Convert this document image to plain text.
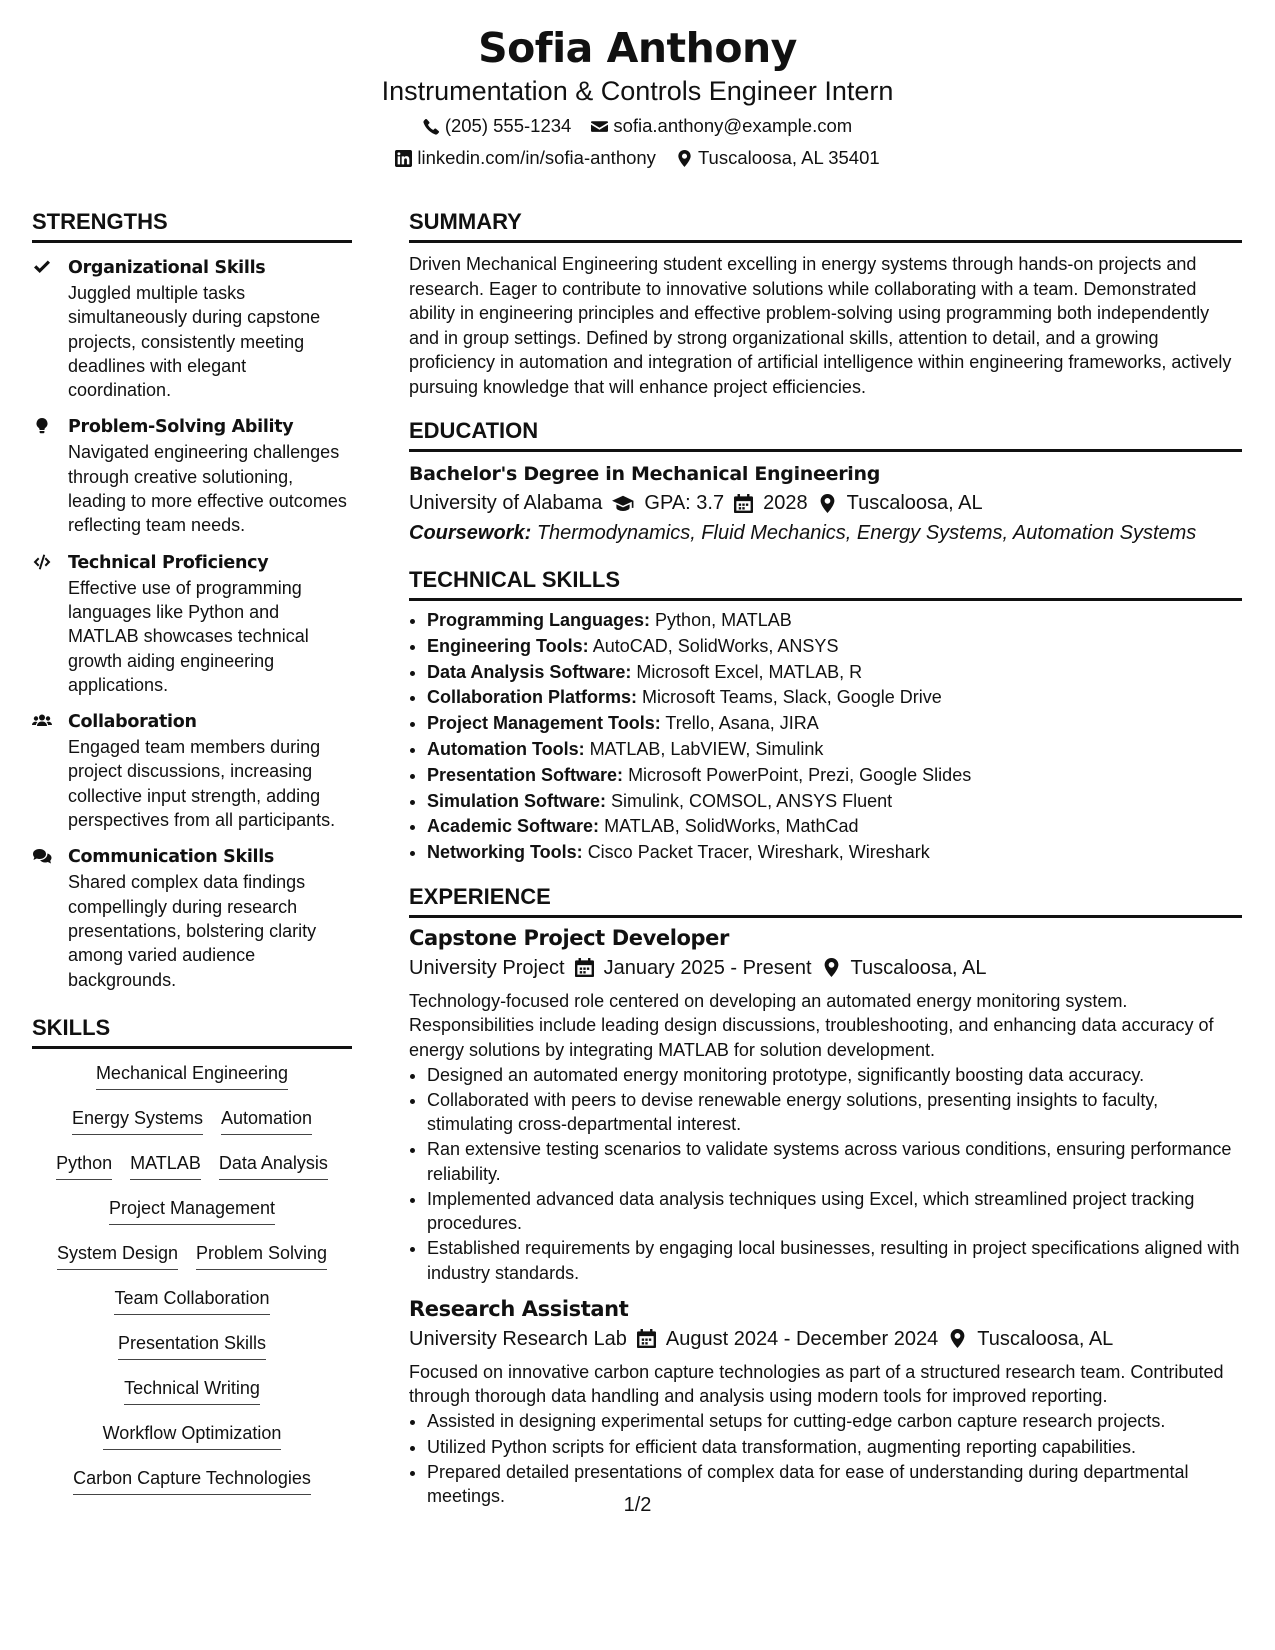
Sofia Anthony
Instrumentation & Controls Engineer Intern
(205) 555-1234 sofia.anthony@example.com
linkedin.com/in/sofia-anthony Tuscaloosa, AL 35401
STRENGTHS
Organizational Skills
Juggled multiple tasks simultaneously during capstone projects, consistently meeting deadlines with elegant coordination.
Problem-Solving Ability
Navigated engineering challenges through creative solutioning, leading to more effective outcomes reflecting team needs.
Technical Proficiency
Effective use of programming languages like Python and MATLAB showcases technical growth aiding engineering applications.
Collaboration
Engaged team members during project discussions, increasing collective input strength, adding perspectives from all participants.
Communication Skills
Shared complex data findings compellingly during research presentations, bolstering clarity among varied audience backgrounds.
SKILLS
Mechanical Engineering
Energy Systems Automation
Python MATLAB Data Analysis
Project Management
System Design Problem Solving
Team Collaboration
Presentation Skills
Technical Writing
Workflow Optimization
Carbon Capture Technologies
SUMMARY
Driven Mechanical Engineering student excelling in energy systems through hands-on projects and research. Eager to contribute to innovative solutions while collaborating with a team. Demonstrated ability in engineering principles and effective problem-solving using programming both independently and in group settings. Defined by strong organizational skills, attention to detail, and a growing proficiency in automation and integration of artificial intelligence within engineering frameworks, actively pursuing knowledge that will enhance project efficiencies.
EDUCATION
Bachelor's Degree in Mechanical Engineering
University of Alabama GPA: 3.7 2028 Tuscaloosa, AL
Coursework: Thermodynamics, Fluid Mechanics, Energy Systems, Automation Systems
TECHNICAL SKILLS
• Programming Languages: Python, MATLAB
• Engineering Tools: AutoCAD, SolidWorks, ANSYS
• Data Analysis Software: Microsoft Excel, MATLAB, R
• Collaboration Platforms: Microsoft Teams, Slack, Google Drive
• Project Management Tools: Trello, Asana, JIRA
• Automation Tools: MATLAB, LabVIEW, Simulink
• Presentation Software: Microsoft PowerPoint, Prezi, Google Slides
• Simulation Software: Simulink, COMSOL, ANSYS Fluent
• Academic Software: MATLAB, SolidWorks, MathCad
• Networking Tools: Cisco Packet Tracer, Wireshark, Wireshark
EXPERIENCE
Capstone Project Developer
University Project January 2025 - Present Tuscaloosa, AL
Technology-focused role centered on developing an automated energy monitoring system. Responsibilities include leading design discussions, troubleshooting, and enhancing data accuracy of energy solutions by integrating MATLAB for solution development.
• Designed an automated energy monitoring prototype, significantly boosting data accuracy.
• Collaborated with peers to devise renewable energy solutions, presenting insights to faculty, stimulating cross-departmental interest.
• Ran extensive testing scenarios to validate systems across various conditions, ensuring performance reliability.
• Implemented advanced data analysis techniques using Excel, which streamlined project tracking procedures.
• Established requirements by engaging local businesses, resulting in project specifications aligned with industry standards.
Research Assistant
University Research Lab August 2024 - December 2024 Tuscaloosa, AL
Focused on innovative carbon capture technologies as part of a structured research team. Contributed through thorough data handling and analysis using modern tools for improved reporting.
• Assisted in designing experimental setups for cutting-edge carbon capture research projects.
• Utilized Python scripts for efficient data transformation, augmenting reporting capabilities.
• Prepared detailed presentations of complex data for ease of understanding during departmental meetings.	1/2
